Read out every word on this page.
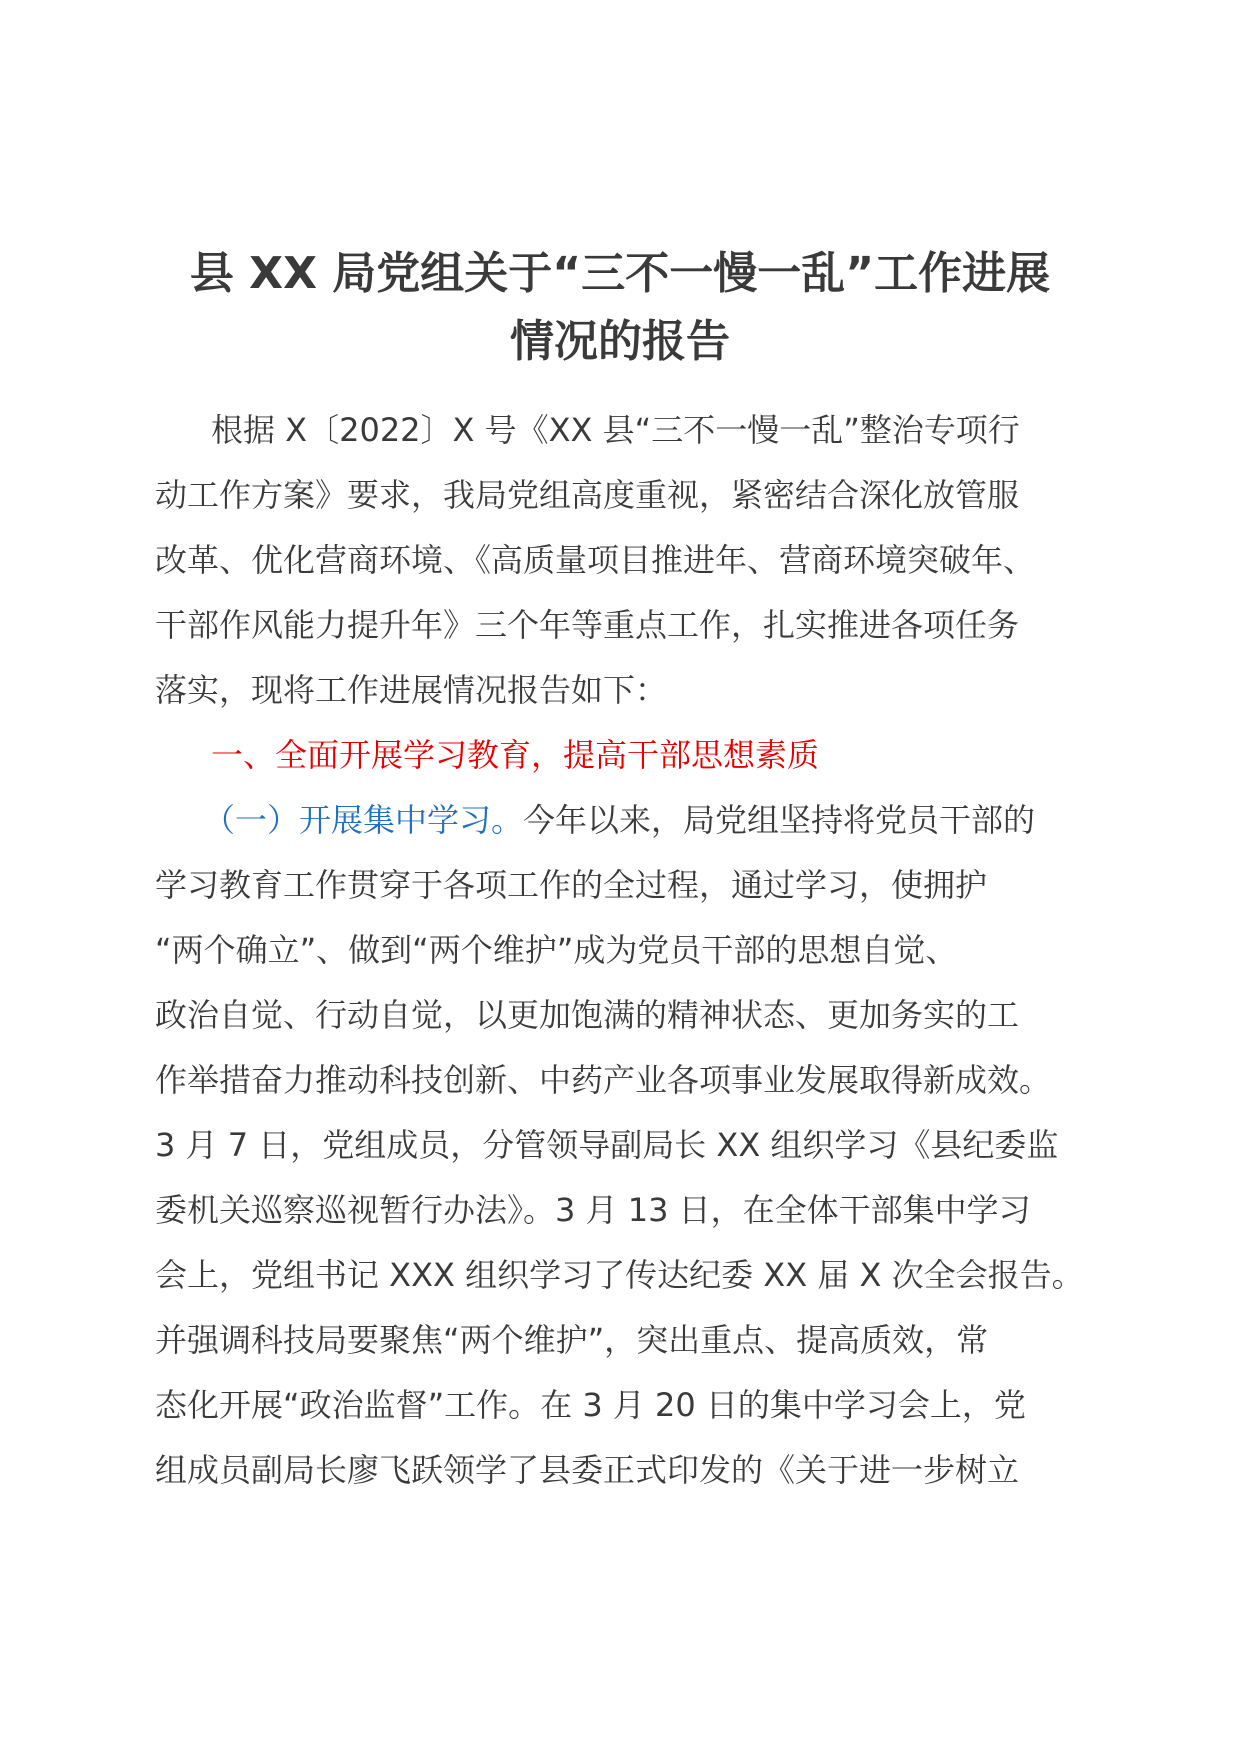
县 XX 局党组关于“三不一慢一乱”工作进展
情况的报告
根据 X〔2022〕X 号《XX 县“三不一慢一乱”整治专项行
动工作方案》要求，我局党组高度重视，紧密结合深化放管服
改革、优化营商环境、《高质量项目推进年、营商环境突破年、
干部作风能力提升年》三个年等重点工作，扎实推进各项任务
落实，现将工作进展情况报告如下：
一、全面开展学习教育，提高干部思想素质
（一）开展集中学习。今年以来，局党组坚持将党员干部的
学习教育工作贯穿于各项工作的全过程，通过学习，使拥护
“两个确立”、做到“两个维护”成为党员干部的思想自觉、
政治自觉、行动自觉，以更加饱满的精神状态、更加务实的工
作举措奋力推动科技创新、中药产业各项事业发展取得新成效。
3 月 7 日，党组成员，分管领导副局长 XX 组织学习《县纪委监
委机关巡察巡视暂行办法》。3 月 13 日，在全体干部集中学习
会上，党组书记 XXX 组织学习了传达纪委 XX 届 X 次全会报告。
并强调科技局要聚焦“两个维护”，突出重点、提高质效，常
态化开展“政治监督”工作。在 3 月 20 日的集中学习会上，党
组成员副局长廖飞跃领学了县委正式印发的《关于进一步树立
